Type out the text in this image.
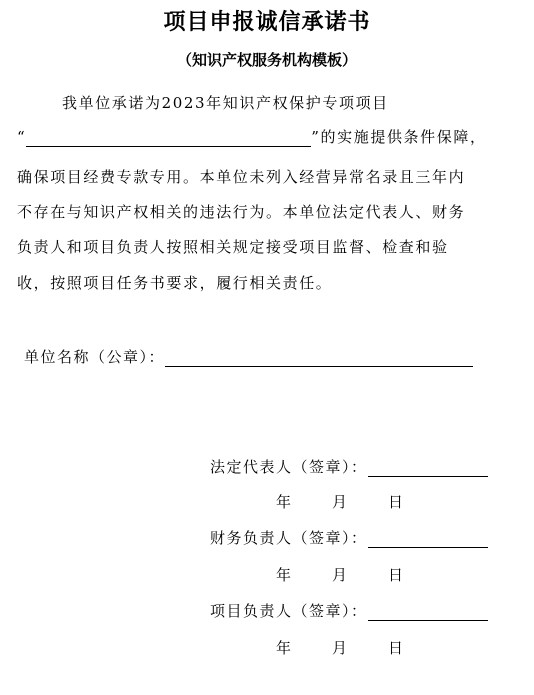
项目申报诚信承诺书
（知识产权服务机构模板）
我单位承诺为2023年知识产权保护专项项目
“	”的实施提供条件保障，
确保项目经费专款专用。本单位未列入经营异常名录且三年内
不存在与知识产权相关的违法行为。本单位法定代表人、财务
负责人和项目负责人按照相关规定接受项目监督、检查和验
收，按照项目任务书要求，履行相关责任。
单位名称（公章）：
法定代表人（签章）：
年	月	日
财务负责人（签章）：
年	月	日
项目负责人（签章）：
年	月	日
